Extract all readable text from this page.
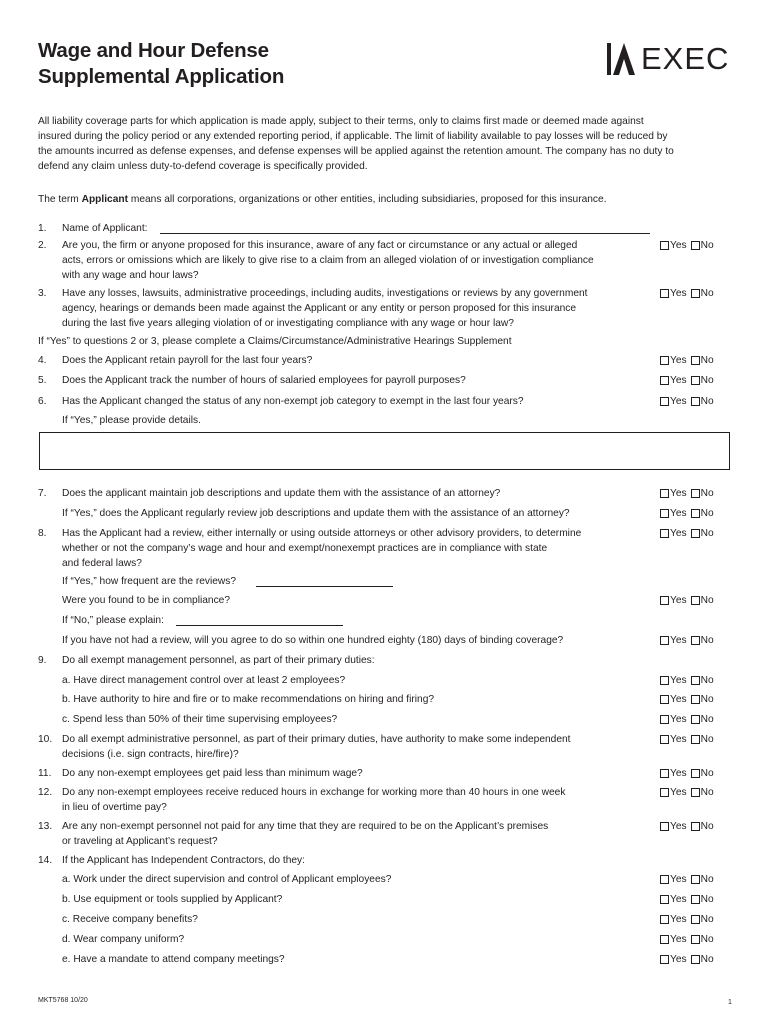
Wage and Hour Defense
Supplemental Application
EXEC
All liability coverage parts for which application is made apply, subject to their terms, only to claims first made or deemed made against
insured during the policy period or any extended reporting period, if applicable. The limit of liability available to pay losses will be reduced by
the amounts incurred as defense expenses, and defense expenses will be applied against the retention amount. The company has no duty to
defend any claim unless duty-to-defend coverage is specifically provided.
The term Applicant means all corporations, organizations or other entities, including subsidiaries, proposed for this insurance.
1. Name of Applicant:
2. Are you, the firm or anyone proposed for this insurance, aware of any fact or circumstance or any actual or alleged
acts, errors or omissions which are likely to give rise to a claim from an alleged violation of or investigation compliance
with any wage and hour laws?
Yes No
3. Have any losses, lawsuits, administrative proceedings, including audits, investigations or reviews by any government
agency, hearings or demands been made against the Applicant or any entity or person proposed for this insurance
during the last five years alleging violation of or investigating compliance with any wage or hour law?
Yes No
If “Yes” to questions 2 or 3, please complete a Claims/Circumstance/Administrative Hearings Supplement
4. Does the Applicant retain payroll for the last four years?	Yes No
5. Does the Applicant track the number of hours of salaried employees for payroll purposes?	Yes No
6. Has the Applicant changed the status of any non-exempt job category to exempt in the last four years?	Yes No
If “Yes,” please provide details.
7. Does the applicant maintain job descriptions and update them with the assistance of an attorney?	Yes No
If “Yes,” does the Applicant regularly review job descriptions and update them with the assistance of an attorney?	Yes No
8. Has the Applicant had a review, either internally or using outside attorneys or other advisory providers, to determine
whether or not the company’s wage and hour and exempt/nonexempt practices are in compliance with state
and federal laws?
Yes No
If “Yes,” how frequent are the reviews?
Were you found to be in compliance?	Yes No
If “No,” please explain:
If you have not had a review, will you agree to do so within one hundred eighty (180) days of binding coverage?	Yes No
9. Do all exempt management personnel, as part of their primary duties:
a. Have direct management control over at least 2 employees?	Yes No
b. Have authority to hire and fire or to make recommendations on hiring and firing?	Yes No
c. Spend less than 50% of their time supervising employees?	Yes No
10. Do all exempt administrative personnel, as part of their primary duties, have authority to make some independent
decisions (i.e. sign contracts, hire/fire)?
Yes No
11. Do any non-exempt employees get paid less than minimum wage?	Yes No
12. Do any non-exempt employees receive reduced hours in exchange for working more than 40 hours in one week
in lieu of overtime pay?
Yes No
13. Are any non-exempt personnel not paid for any time that they are required to be on the Applicant’s premises
or traveling at Applicant’s request?
Yes No
14. If the Applicant has Independent Contractors, do they:
a. Work under the direct supervision and control of Applicant employees?	Yes No
b. Use equipment or tools supplied by Applicant?	Yes No
c. Receive company benefits?	Yes No
d. Wear company uniform?	Yes No
e. Have a mandate to attend company meetings?	Yes No
MKT5768 10/20	1
